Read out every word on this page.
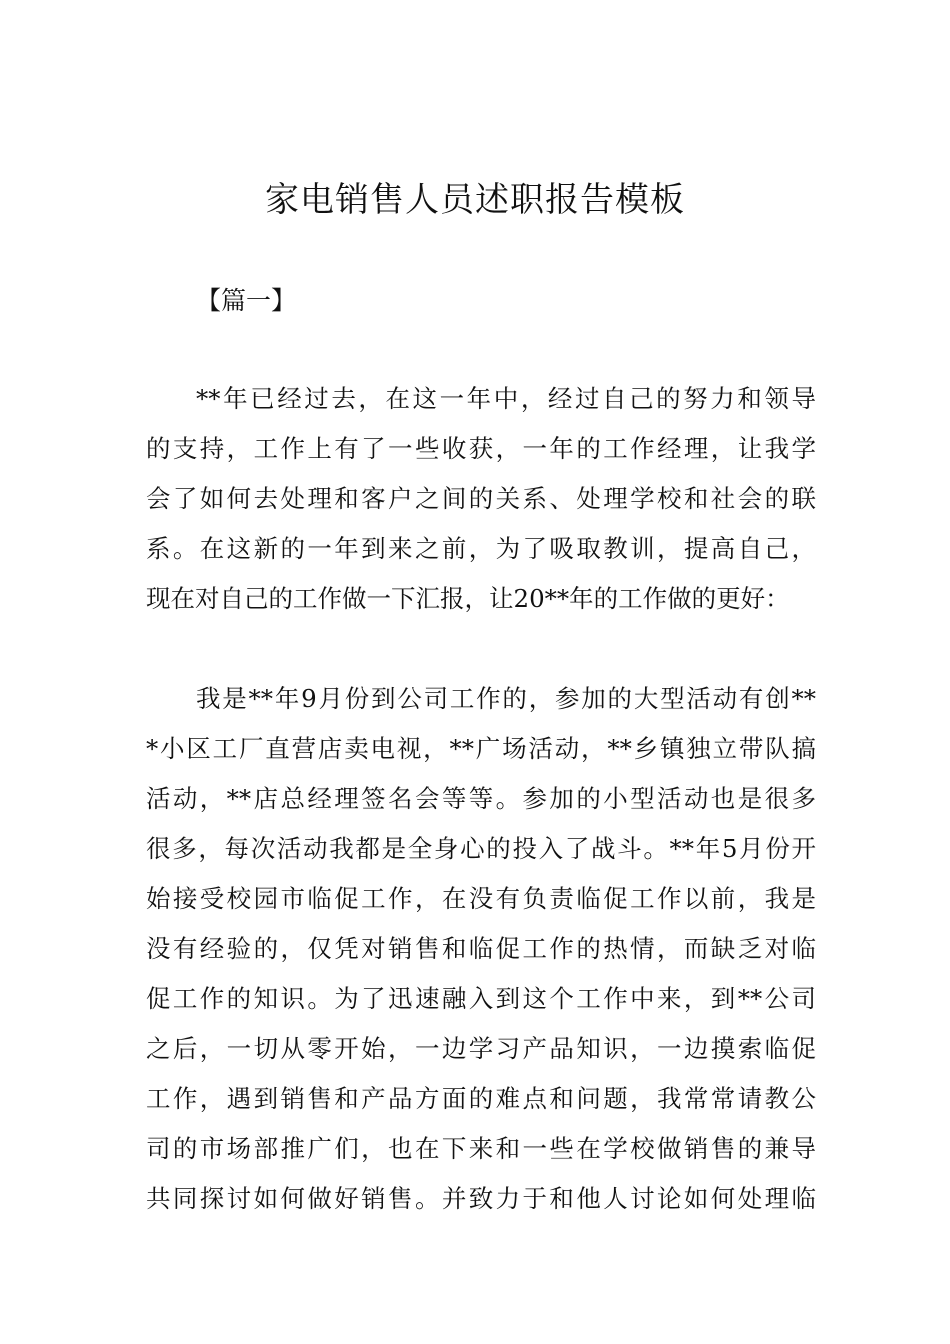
家电销售人员述职报告模板

【篇一】

**年已经过去，在这一年中，经过自己的努力和领导
的支持，工作上有了一些收获，一年的工作经理，让我学
会了如何去处理和客户之间的关系、处理学校和社会的联
系。在这新的一年到来之前，为了吸取教训，提高自己，
现在对自己的工作做一下汇报，让20**年的工作做的更好：
我是**年9月份到公司工作的，参加的大型活动有创**
*小区工厂直营店卖电视，**广场活动，**乡镇独立带队搞
活动，**店总经理签名会等等。参加的小型活动也是很多
很多，每次活动我都是全身心的投入了战斗。**年5月份开
始接受校园市临促工作，在没有负责临促工作以前，我是
没有经验的，仅凭对销售和临促工作的热情，而缺乏对临
促工作的知识。为了迅速融入到这个工作中来，到**公司
之后，一切从零开始，一边学习产品知识，一边摸索临促
工作，遇到销售和产品方面的难点和问题，我常常请教公
司的市场部推广们，也在下来和一些在学校做销售的兼导
共同探讨如何做好销售。并致力于和他人讨论如何处理临
